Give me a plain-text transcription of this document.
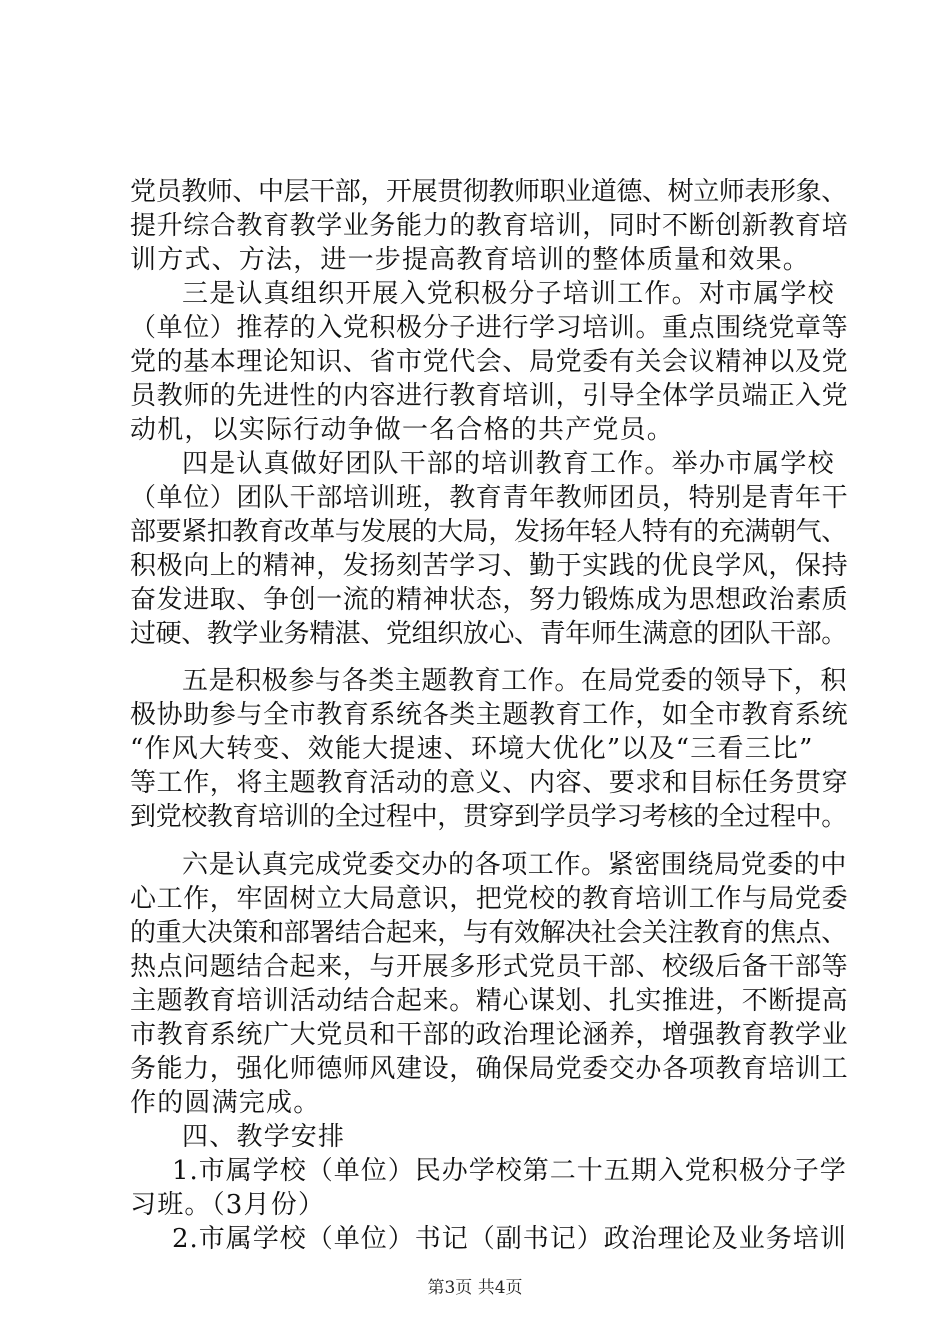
党员教师、中层干部，开展贯彻教师职业道德、树立师表形象、
提升综合教育教学业务能力的教育培训，同时不断创新教育培
训方式、方法，进一步提高教育培训的整体质量和效果。
三是认真组织开展入党积极分子培训工作。对市属学校
（单位）推荐的入党积极分子进行学习培训。重点围绕党章等
党的基本理论知识、省市党代会、局党委有关会议精神以及党
员教师的先进性的内容进行教育培训，引导全体学员端正入党
动机，以实际行动争做一名合格的共产党员。
四是认真做好团队干部的培训教育工作。举办市属学校
（单位）团队干部培训班，教育青年教师团员，特别是青年干
部要紧扣教育改革与发展的大局，发扬年轻人特有的充满朝气、
积极向上的精神，发扬刻苦学习、勤于实践的优良学风，保持
奋发进取、争创一流的精神状态，努力锻炼成为思想政治素质
过硬、教学业务精湛、党组织放心、青年师生满意的团队干部。
五是积极参与各类主题教育工作。在局党委的领导下，积
极协助参与全市教育系统各类主题教育工作，如全市教育系统
“作风大转变、效能大提速、环境大优化”以及“三看三比”
等工作，将主题教育活动的意义、内容、要求和目标任务贯穿
到党校教育培训的全过程中，贯穿到学员学习考核的全过程中。
六是认真完成党委交办的各项工作。紧密围绕局党委的中
心工作，牢固树立大局意识，把党校的教育培训工作与局党委
的重大决策和部署结合起来，与有效解决社会关注教育的焦点、
热点问题结合起来，与开展多形式党员干部、校级后备干部等
主题教育培训活动结合起来。精心谋划、扎实推进，不断提高
市教育系统广大党员和干部的政治理论涵养，增强教育教学业
务能力，强化师德师风建设，确保局党委交办各项教育培训工
作的圆满完成。
四、教学安排
1.市属学校（单位）民办学校第二十五期入党积极分子学
习班。（3月份）
2.市属学校（单位）书记（副书记）政治理论及业务培训
第3页 共4页
